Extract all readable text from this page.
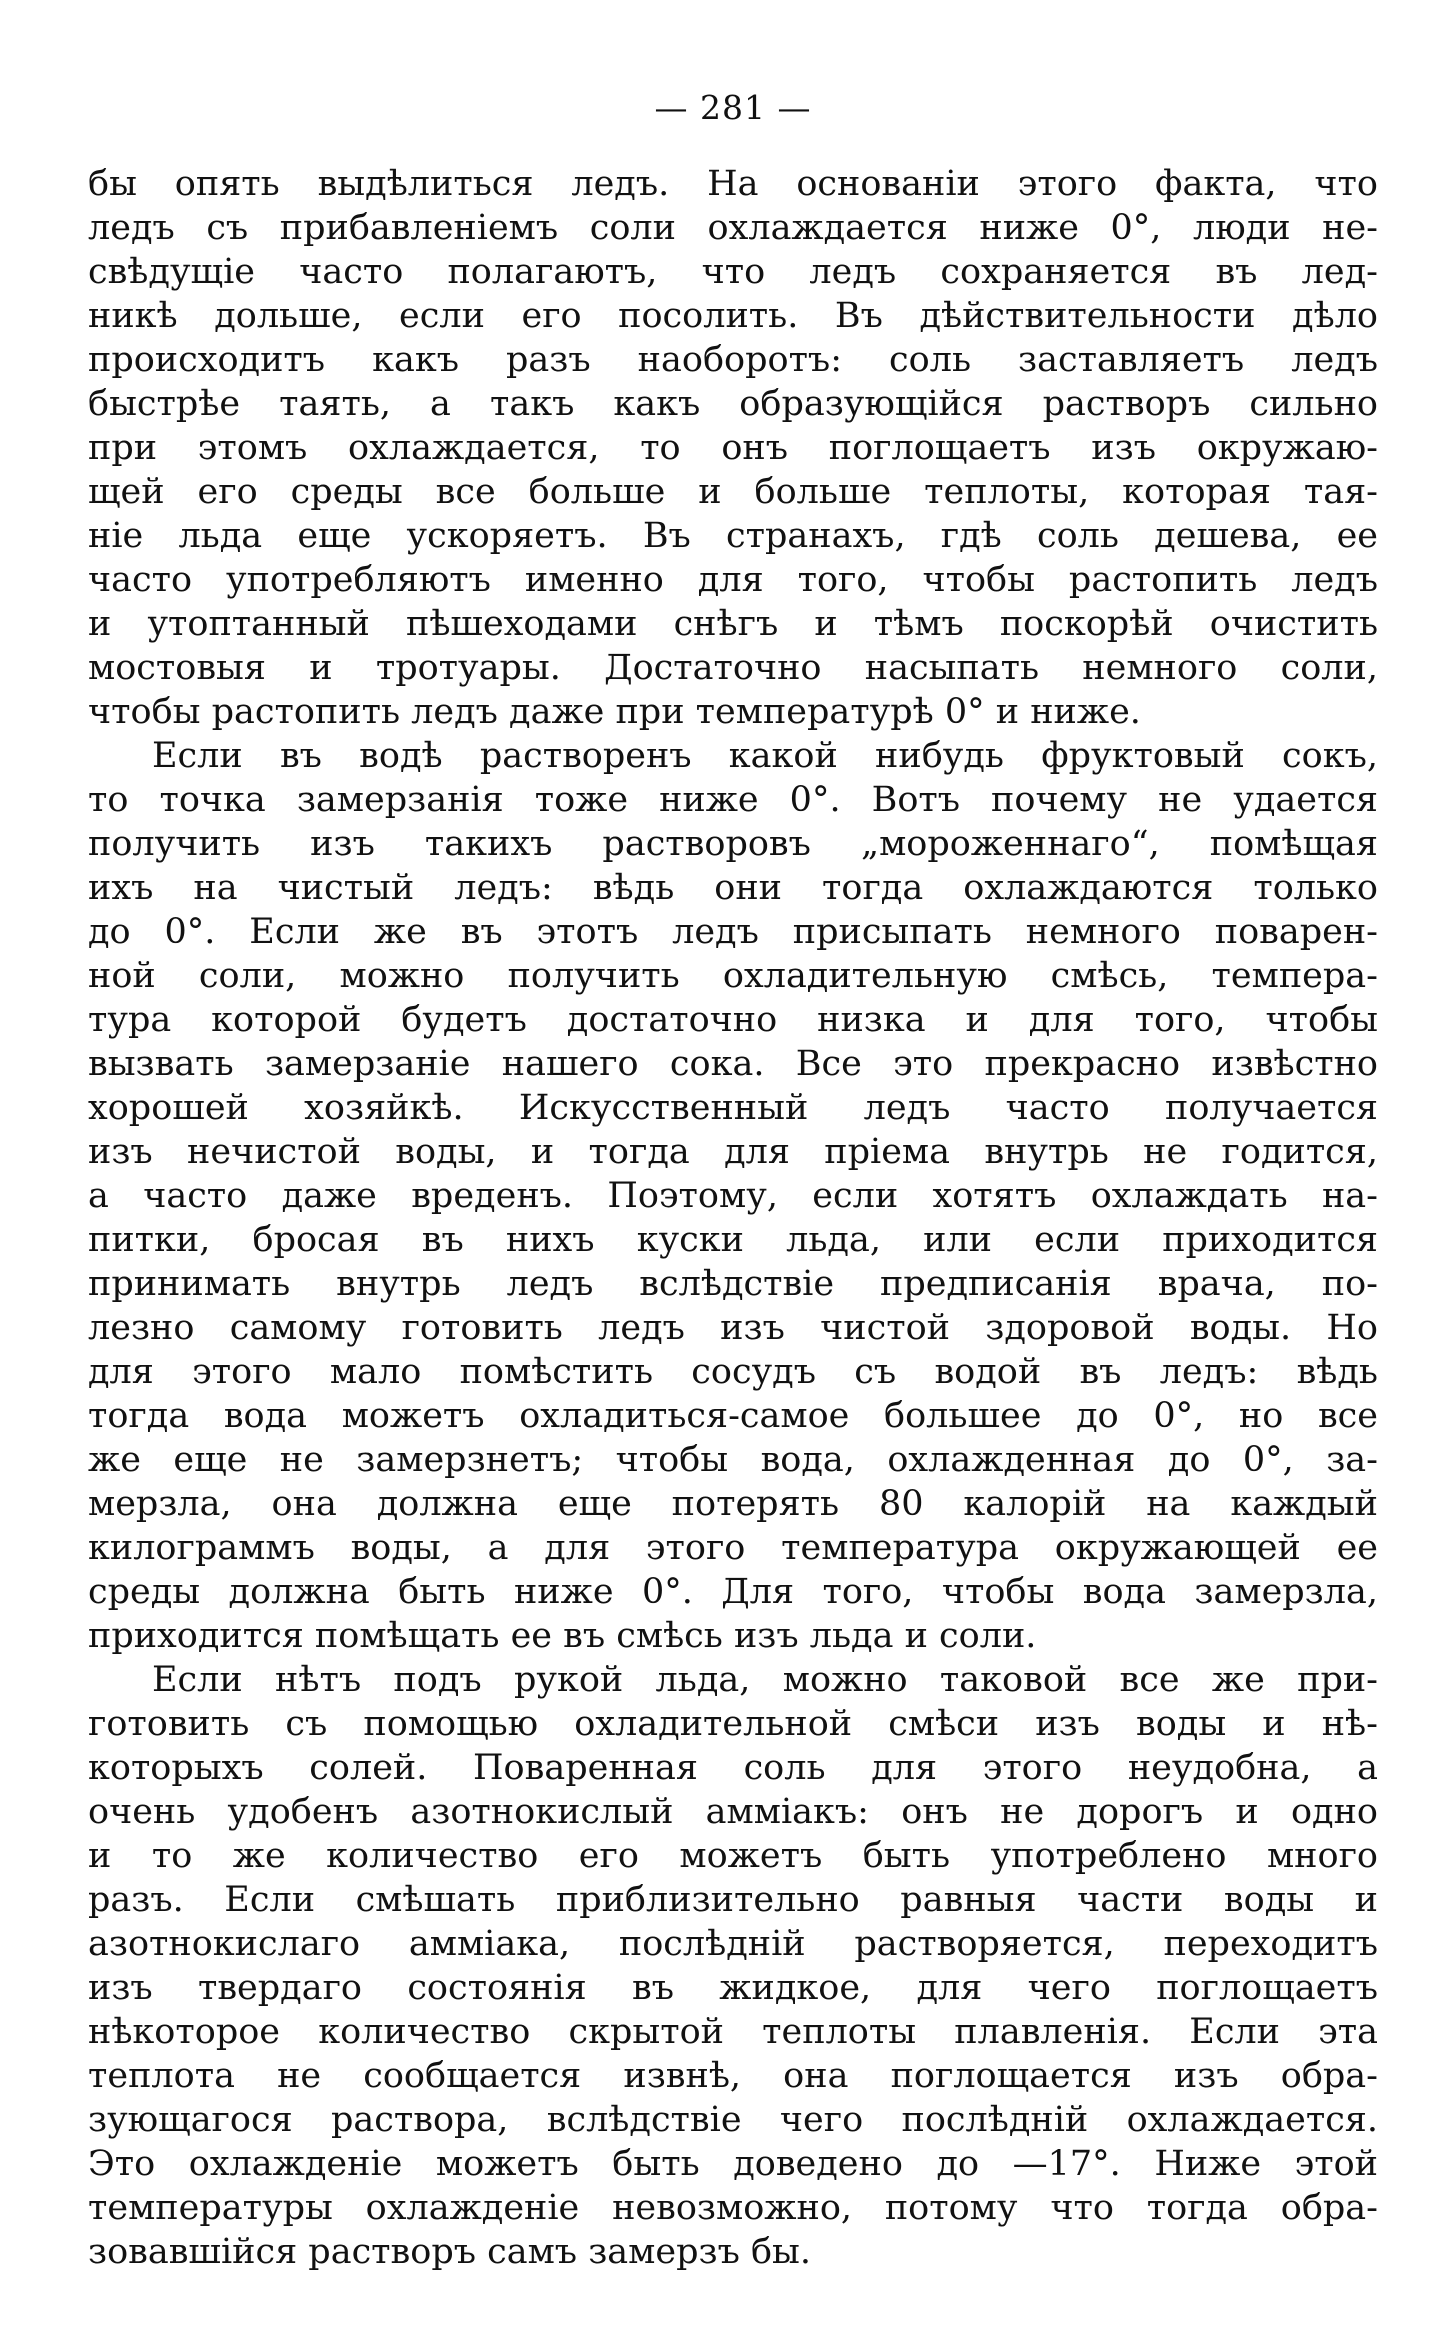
— 281 —
бы опять выдѣлиться ледъ. На основаніи этого факта, что
ледъ съ прибавленіемъ соли охлаждается ниже 0°, люди не-
свѣдущіе часто полагаютъ, что ледъ сохраняется въ лед-
никѣ дольше, если его посолить. Въ дѣйствительности дѣло
происходитъ какъ разъ наоборотъ: соль заставляетъ ледъ
быстрѣе таять, а такъ какъ образующійся растворъ сильно
при этомъ охлаждается, то онъ поглощаетъ изъ окружаю-
щей его среды все больше и больше теплоты, которая тая-
ніе льда еще ускоряетъ. Въ странахъ, гдѣ соль дешева, ее
часто употребляютъ именно для того, чтобы растопить ледъ
и утоптанный пѣшеходами снѣгъ и тѣмъ поскорѣй очистить
мостовыя и тротуары. Достаточно насыпать немного соли,
чтобы растопить ледъ даже при температурѣ 0° и ниже.
Если въ водѣ растворенъ какой нибудь фруктовый сокъ,
то точка замерзанія тоже ниже 0°. Вотъ почему не удается
получить изъ такихъ растворовъ „мороженнаго“, помѣщая
ихъ на чистый ледъ: вѣдь они тогда охлаждаются только
до 0°. Если же въ этотъ ледъ присыпать немного поварен-
ной соли, можно получить охладительную смѣсь, темпера-
тура которой будетъ достаточно низка и для того, чтобы
вызвать замерзаніе нашего сока. Все это прекрасно извѣстно
хорошей хозяйкѣ. Искусственный ледъ часто получается
изъ нечистой воды, и тогда для пріема внутрь не годится,
а часто даже вреденъ. Поэтому, если хотятъ охлаждать на-
питки, бросая въ нихъ куски льда, или если приходится
принимать внутрь ледъ вслѣдствіе предписанія врача, по-
лезно самому готовить ледъ изъ чистой здоровой воды. Но
для этого мало помѣстить сосудъ съ водой въ ледъ: вѣдь
тогда вода можетъ охладиться-самое большее до 0°, но все
же еще не замерзнетъ; чтобы вода, охлажденная до 0°, за-
мерзла, она должна еще потерять 80 калорій на каждый
килограммъ воды, а для этого температура окружающей ее
среды должна быть ниже 0°. Для того, чтобы вода замерзла,
приходится помѣщать ее въ смѣсь изъ льда и соли.
Если нѣтъ подъ рукой льда, можно таковой все же при-
готовить съ помощью охладительной смѣси изъ воды и нѣ-
которыхъ солей. Поваренная соль для этого неудобна, а
очень удобенъ азотнокислый амміакъ: онъ не дорогъ и одно
и то же количество его можетъ быть употреблено много
разъ. Если смѣшать приблизительно равныя части воды и
азотнокислаго амміака, послѣдній растворяется, переходитъ
изъ твердаго состоянія въ жидкое, для чего поглощаетъ
нѣкоторое количество скрытой теплоты плавленія. Если эта
теплота не сообщается извнѣ, она поглощается изъ обра-
зующагося раствора, вслѣдствіе чего послѣдній охлаждается.
Это охлажденіе можетъ быть доведено до —17°. Ниже этой
температуры охлажденіе невозможно, потому что тогда обра-
зовавшійся растворъ самъ замерзъ бы.
